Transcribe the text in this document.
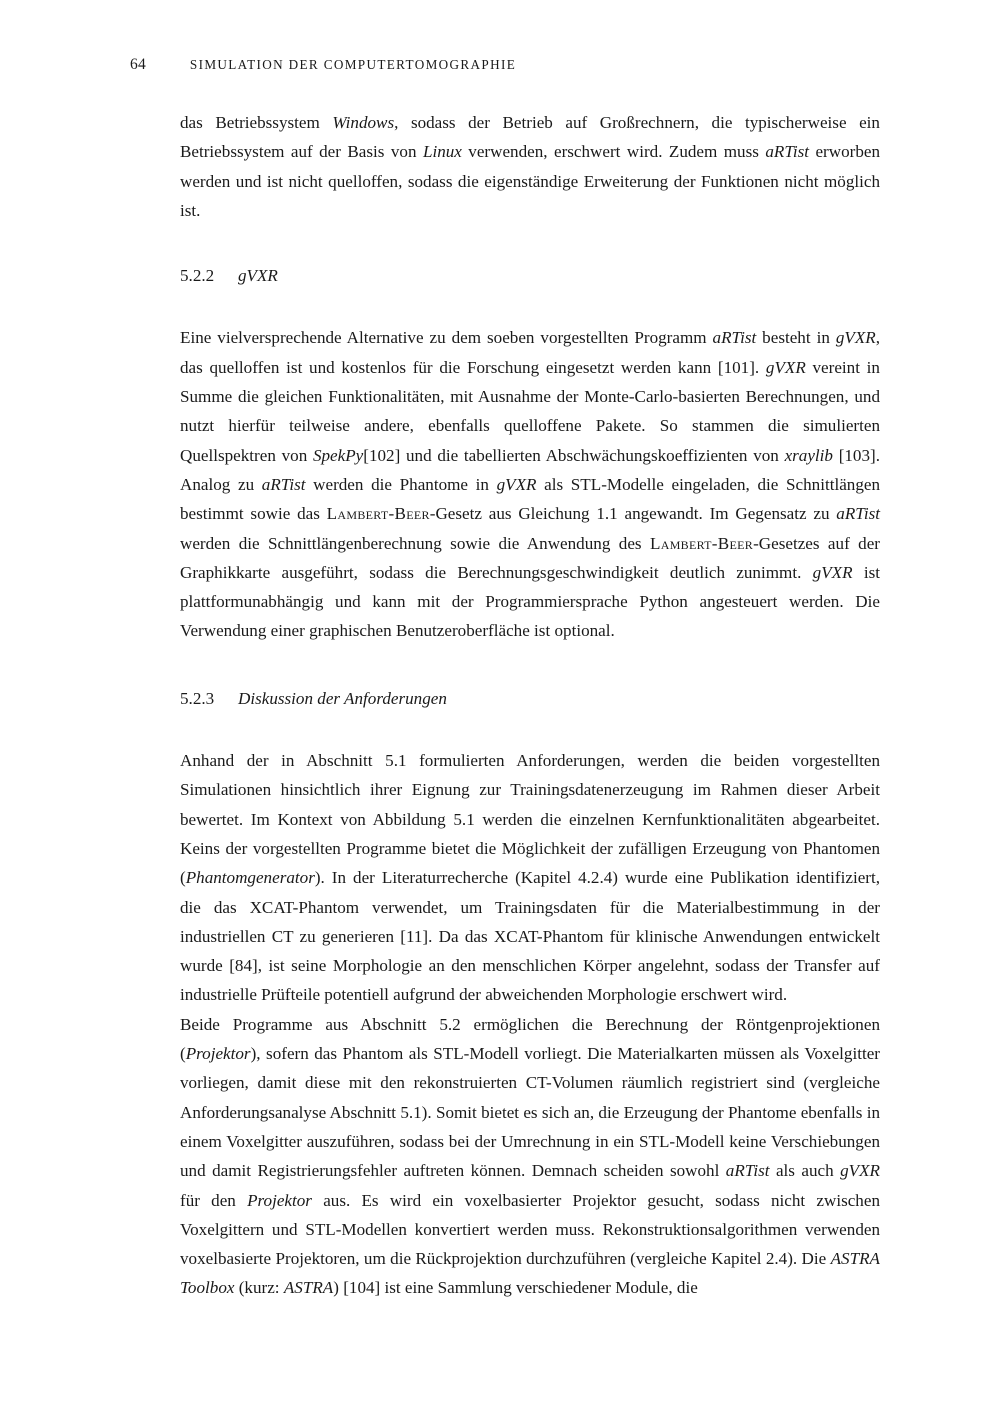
64	SIMULATION DER COMPUTERTOMOGRAPHIE

das Betriebssystem Windows, sodass der Betrieb auf Großrechnern, die typischerweise ein Betriebssystem auf der Basis von Linux verwenden, erschwert wird. Zudem muss aRTist erworben werden und ist nicht quelloffen, sodass die eigenständige Erweiterung der Funktionen nicht möglich ist.

5.2.2	gVXR

Eine vielversprechende Alternative zu dem soeben vorgestellten Programm aRTist besteht in gVXR, das quelloffen ist und kostenlos für die Forschung eingesetzt werden kann [101]. gVXR vereint in Summe die gleichen Funktionalitäten, mit Ausnahme der Monte-Carlo-basierten Berechnungen, und nutzt hierfür teilweise andere, ebenfalls quelloffene Pakete. So stammen die simulierten Quellspektren von SpekPy[102] und die tabellierten Abschwächungskoeffizienten von xraylib [103]. Analog zu aRTist werden die Phantome in gVXR als STL-Modelle eingeladen, die Schnittlängen bestimmt sowie das Lambert-Beer-Gesetz aus Gleichung 1.1 angewandt. Im Gegensatz zu aRTist werden die Schnittlängenberechnung sowie die Anwendung des Lambert-Beer-Gesetzes auf der Graphikkarte ausgeführt, sodass die Berechnungsgeschwindigkeit deutlich zunimmt. gVXR ist plattformunabhängig und kann mit der Programmiersprache Python angesteuert werden. Die Verwendung einer graphischen Benutzeroberfläche ist optional.

5.2.3	Diskussion der Anforderungen

Anhand der in Abschnitt 5.1 formulierten Anforderungen, werden die beiden vorgestellten Simulationen hinsichtlich ihrer Eignung zur Trainingsdatenerzeugung im Rahmen dieser Arbeit bewertet. Im Kontext von Abbildung 5.1 werden die einzelnen Kernfunktionalitäten abgearbeitet. Keins der vorgestellten Programme bietet die Möglichkeit der zufälligen Erzeugung von Phantomen (Phantomgenerator). In der Literaturrecherche (Kapitel 4.2.4) wurde eine Publikation identifiziert, die das XCAT-Phantom verwendet, um Trainingsdaten für die Materialbestimmung in der industriellen CT zu generieren [11]. Da das XCAT-Phantom für klinische Anwendungen entwickelt wurde [84], ist seine Morphologie an den menschlichen Körper angelehnt, sodass der Transfer auf industrielle Prüfteile potentiell aufgrund der abweichenden Morphologie erschwert wird.

Beide Programme aus Abschnitt 5.2 ermöglichen die Berechnung der Röntgenprojektionen (Projektor), sofern das Phantom als STL-Modell vorliegt. Die Materialkarten müssen als Voxelgitter vorliegen, damit diese mit den rekonstruierten CT-Volumen räumlich registriert sind (vergleiche Anforderungsanalyse Abschnitt 5.1). Somit bietet es sich an, die Erzeugung der Phantome ebenfalls in einem Voxelgitter auszuführen, sodass bei der Umrechnung in ein STL-Modell keine Verschiebungen und damit Registrierungsfehler auftreten können. Demnach scheiden sowohl aRTist als auch gVXR für den Projektor aus. Es wird ein voxelbasierter Projektor gesucht, sodass nicht zwischen Voxelgittern und STL-Modellen konvertiert werden muss. Rekonstruktionsalgorithmen verwenden voxelbasierte Projektoren, um die Rückprojektion durchzuführen (vergleiche Kapitel 2.4). Die ASTRA Toolbox (kurz: ASTRA) [104] ist eine Sammlung verschiedener Module, die
